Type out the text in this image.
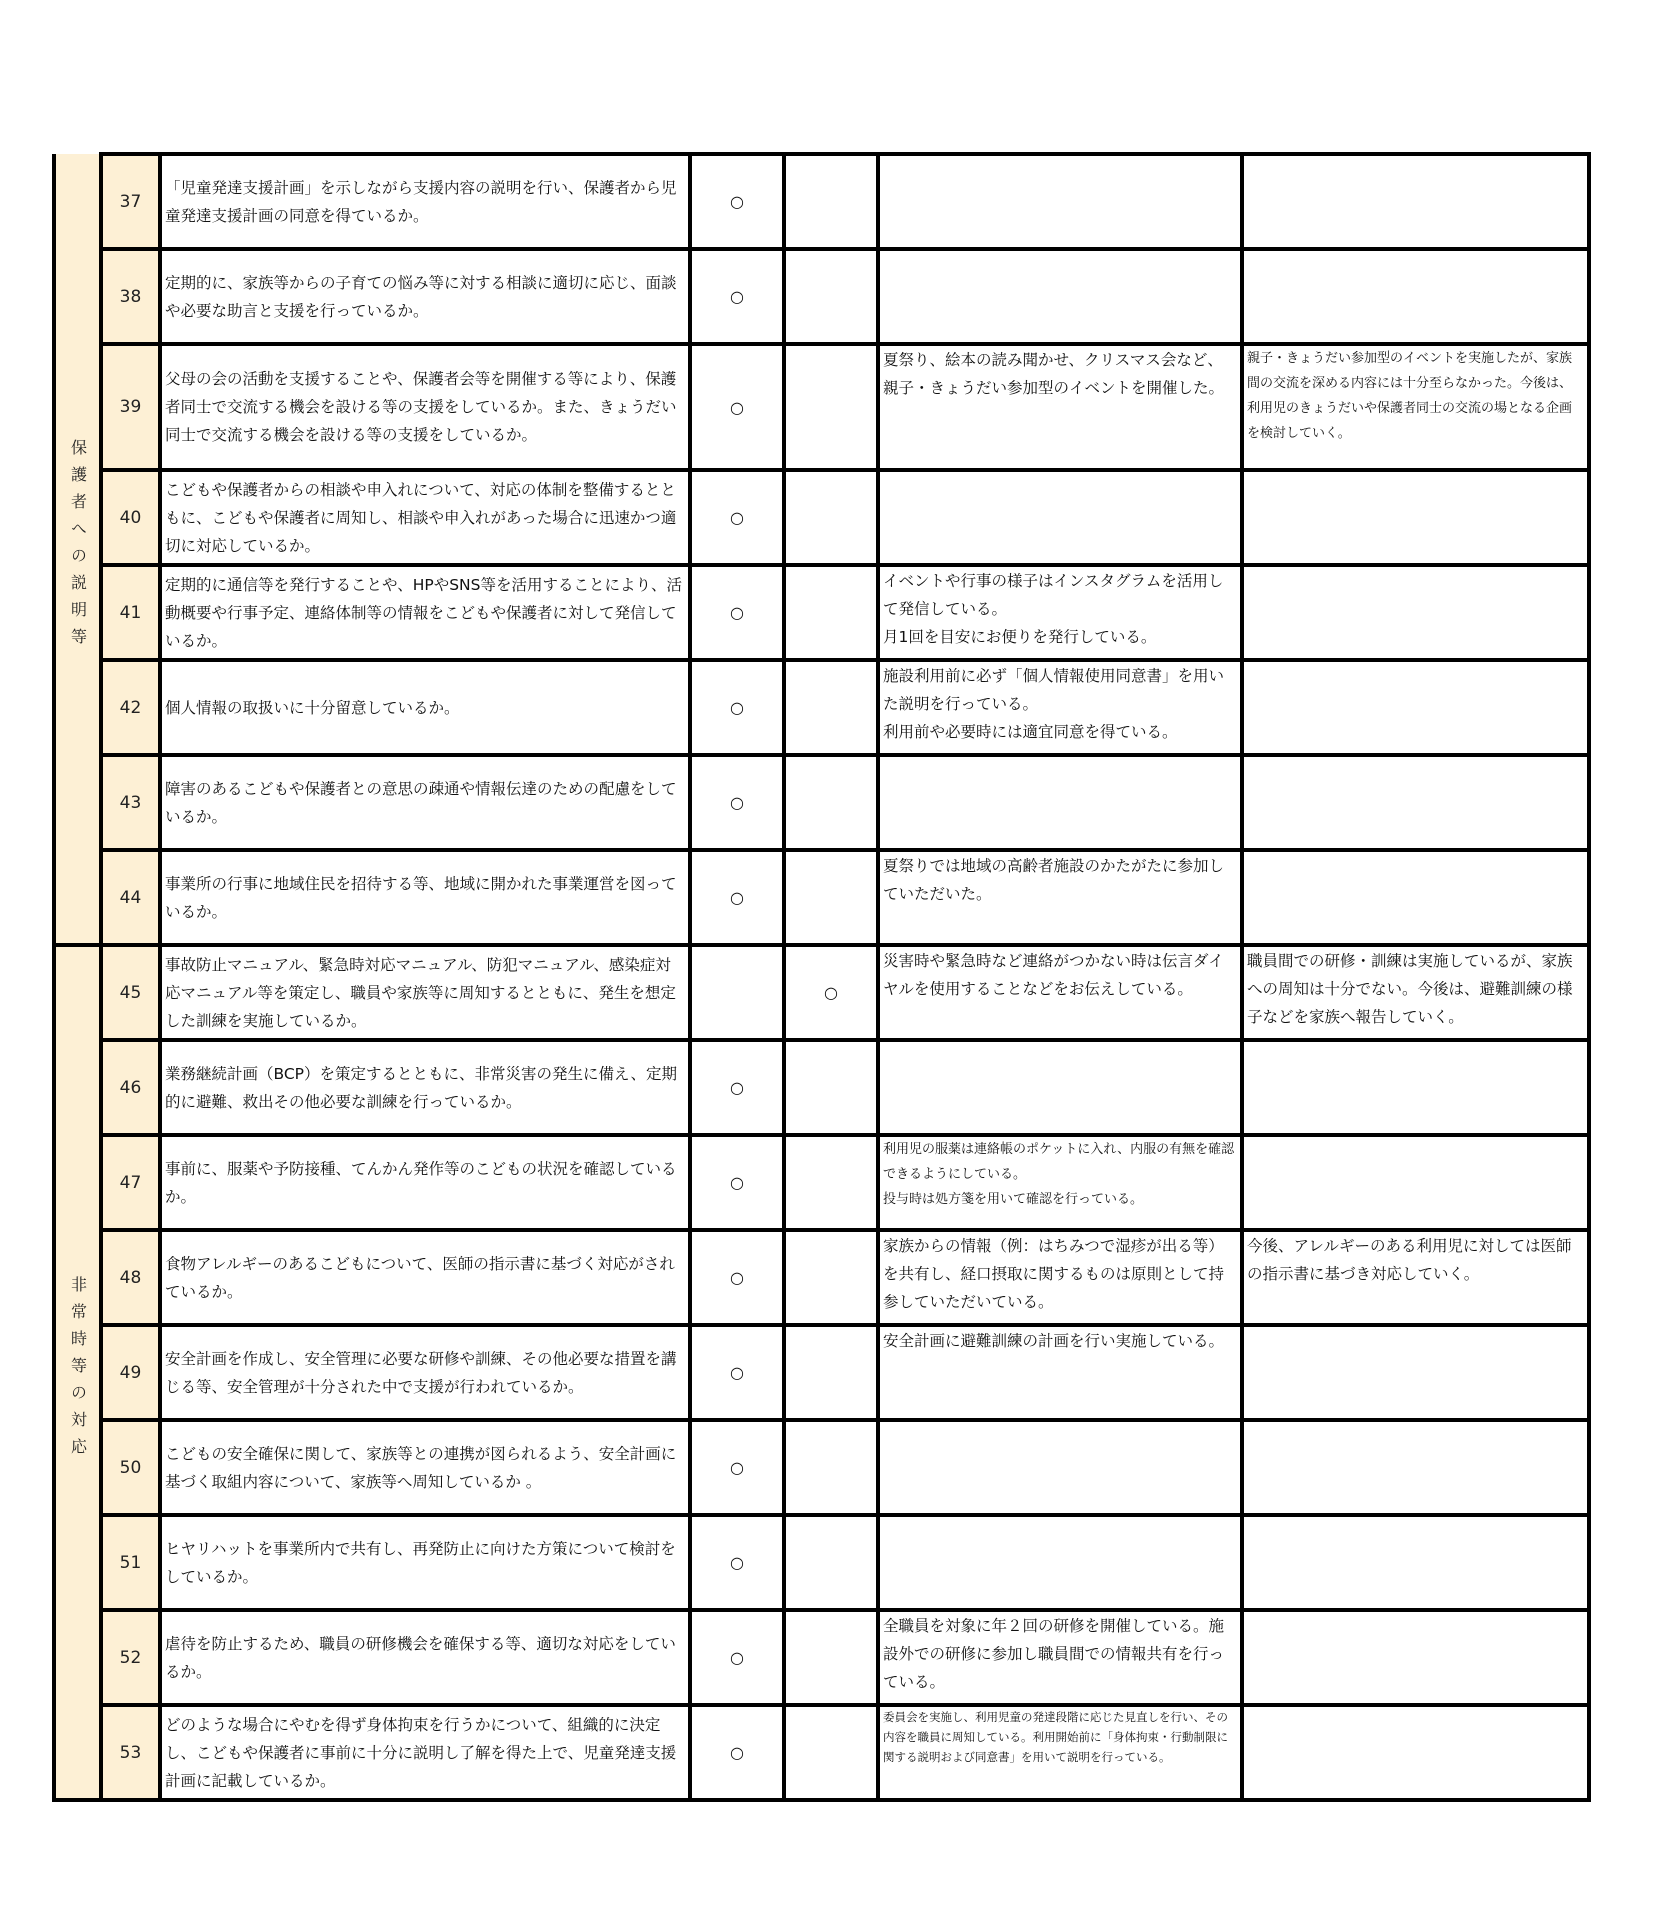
保護者への説明等	37	「児童発達支援計画」を示しながら支援内容の説明を行い、保護者から児童発達支援計画の同意を得ているか。	○			
	38	定期的に、家族等からの子育ての悩み等に対する相談に適切に応じ、面談や必要な助言と支援を行っているか。	○			
	39	父母の会の活動を支援することや、保護者会等を開催する等により、保護者同士で交流する機会を設ける等の支援をしているか。また、きょうだい同士で交流する機会を設ける等の支援をしているか。	○		夏祭り、絵本の読み聞かせ、クリスマス会など、親子・きょうだい参加型のイベントを開催した。	親子・きょうだい参加型のイベントを実施したが、家族間の交流を深める内容には十分至らなかった。今後は、利用児のきょうだいや保護者同士の交流の場となる企画を検討していく。
	40	こどもや保護者からの相談や申入れについて、対応の体制を整備するとともに、こどもや保護者に周知し、相談や申入れがあった場合に迅速かつ適切に対応しているか。	○			
	41	定期的に通信等を発行することや、HPやSNS等を活用することにより、活動概要や行事予定、連絡体制等の情報をこどもや保護者に対して発信しているか。	○		イベントや行事の様子はインスタグラムを活用して発信している。
月1回を目安にお便りを発行している。	
	42	個人情報の取扱いに十分留意しているか。	○		施設利用前に必ず「個人情報使用同意書」を用いた説明を行っている。
利用前や必要時には適宜同意を得ている。	
	43	障害のあるこどもや保護者との意思の疎通や情報伝達のための配慮をしているか。	○			
	44	事業所の行事に地域住民を招待する等、地域に開かれた事業運営を図っているか。	○		夏祭りでは地域の高齢者施設のかたがたに参加していただいた。	
非常時等の対応	45	事故防止マニュアル、緊急時対応マニュアル、防犯マニュアル、感染症対応マニュアル等を策定し、職員や家族等に周知するとともに、発生を想定した訓練を実施しているか。		○	災害時や緊急時など連絡がつかない時は伝言ダイヤルを使用することなどをお伝えしている。	職員間での研修・訓練は実施しているが、家族への周知は十分でない。今後は、避難訓練の様子などを家族へ報告していく。
	46	業務継続計画（BCP）を策定するとともに、非常災害の発生に備え、定期的に避難、救出その他必要な訓練を行っているか。	○			
	47	事前に、服薬や予防接種、てんかん発作等のこどもの状況を確認しているか。	○		利用児の服薬は連絡帳のポケットに入れ、内服の有無を確認できるようにしている。
投与時は処方箋を用いて確認を行っている。	
	48	食物アレルギーのあるこどもについて、医師の指示書に基づく対応がされているか。	○		家族からの情報（例：はちみつで湿疹が出る等）を共有し、経口摂取に関するものは原則として持参していただいている。	今後、アレルギーのある利用児に対しては医師の指示書に基づき対応していく。
	49	安全計画を作成し、安全管理に必要な研修や訓練、その他必要な措置を講じる等、安全管理が十分された中で支援が行われているか。	○		安全計画に避難訓練の計画を行い実施している。	
	50	こどもの安全確保に関して、家族等との連携が図られるよう、安全計画に基づく取組内容について、家族等へ周知しているか 。	○			
	51	ヒヤリハットを事業所内で共有し、再発防止に向けた方策について検討をしているか。	○			
	52	虐待を防止するため、職員の研修機会を確保する等、適切な対応をしているか。	○		全職員を対象に年２回の研修を開催している。施設外での研修に参加し職員間での情報共有を行っている。	
	53	どのような場合にやむを得ず身体拘束を行うかについて、組織的に決定し、こどもや保護者に事前に十分に説明し了解を得た上で、児童発達支援計画に記載しているか。	○		委員会を実施し、利用児童の発達段階に応じた見直しを行い、その内容を職員に周知している。利用開始前に「身体拘束・行動制限に関する説明および同意書」を用いて説明を行っている。	
